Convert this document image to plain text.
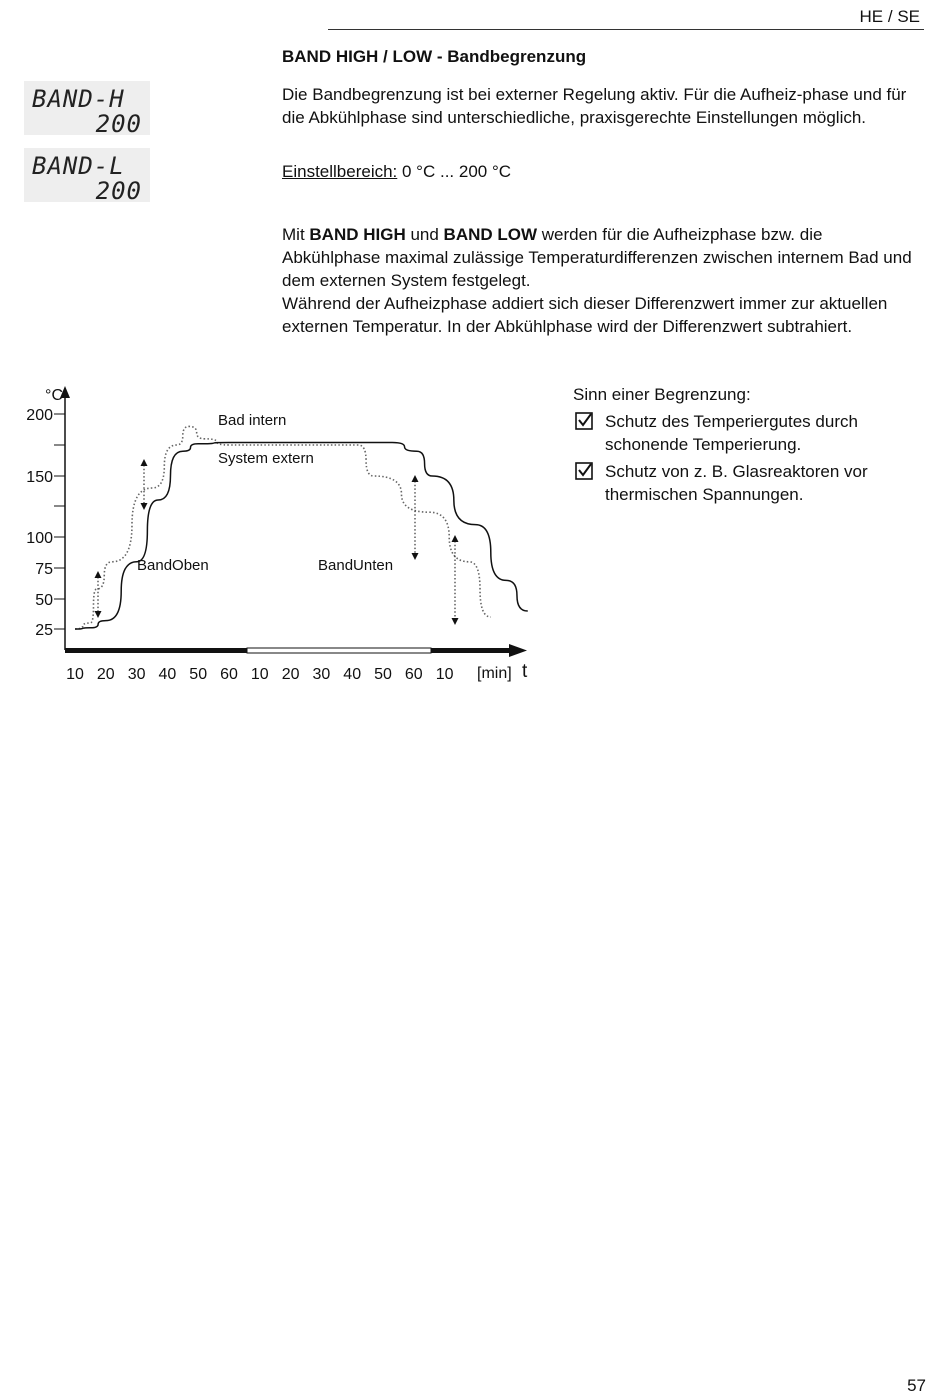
HE / SE
BAND HIGH / LOW - Bandbegrenzung
Die Bandbegrenzung ist bei externer Regelung aktiv. Für die Aufheiz-phase und für die Abkühlphase sind unterschiedliche, praxisgerechte Einstellungen möglich.
Einstellbereich: 0 °C ... 200 °C
Mit BAND HIGH und BAND LOW werden für die Aufheizphase bzw. die Abkühlphase maximal zulässige Temperaturdifferenzen zwischen internem Bad und dem externen System festgelegt.
Während der Aufheizphase addiert sich dieser Differenzwert immer zur aktuellen externen Temperatur. In der Abkühlphase wird der Differenzwert subtrahiert.
BAND-H
200
BAND-L
200
°C
25
50
75
100
150
200
10 20 30 40 50 60 10 20 30 40 50 60 10 [min] t
Bad intern
System extern
BandOben	BandUnten
Sinn einer Begrenzung:
Schutz des Temperiergutes durch schonende Temperierung.
Schutz von z. B. Glasreaktoren vor thermischen Spannungen.
57
